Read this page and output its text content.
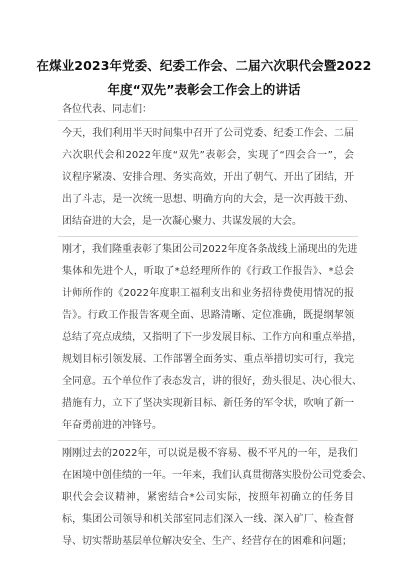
在煤业2023年党委、纪委工作会、二届六次职代会暨2022
年度“双先”表彰会工作会上的讲话
各位代表、同志们：
今天，我们利用半天时间集中召开了公司党委、纪委工作会、二届
六次职代会和2022年度“双先”表彰会，实现了“四会合一”，会
议程序紧凑、安排合理、务实高效，开出了朝气、开出了团结，开
出了斗志，是一次统一思想、明确方向的大会，是一次再鼓干劲、
团结奋进的大会，是一次凝心聚力、共谋发展的大会。
刚才，我们隆重表彰了集团公司2022年度各条战线上涌现出的先进
集体和先进个人，听取了*总经理所作的《行政工作报告》、*总会
计师所作的《2022年度职工福利支出和业务招待费使用情况的报
告》。行政工作报告客观全面、思路清晰、定位准确，既提纲挈领
总结了亮点成绩，又指明了下一步发展目标、工作方向和重点举措，
规划目标引领发展、工作部署全面务实、重点举措切实可行，我完
全同意。五个单位作了表态发言，讲的很好，劲头很足、决心很大、
措施有力，立下了坚决实现新目标、新任务的军令状，吹响了新一
年奋勇前进的冲锋号。
刚刚过去的2022年，可以说是极不容易、极不平凡的一年，是我们
在困境中创佳绩的一年。一年来，我们认真贯彻落实股份公司党委会、
职代会会议精神，紧密结合*公司实际，按照年初确立的任务目
标，集团公司领导和机关部室同志们深入一线、深入矿厂、检查督
导、切实帮助基层单位解决安全、生产、经营存在的困难和问题；
